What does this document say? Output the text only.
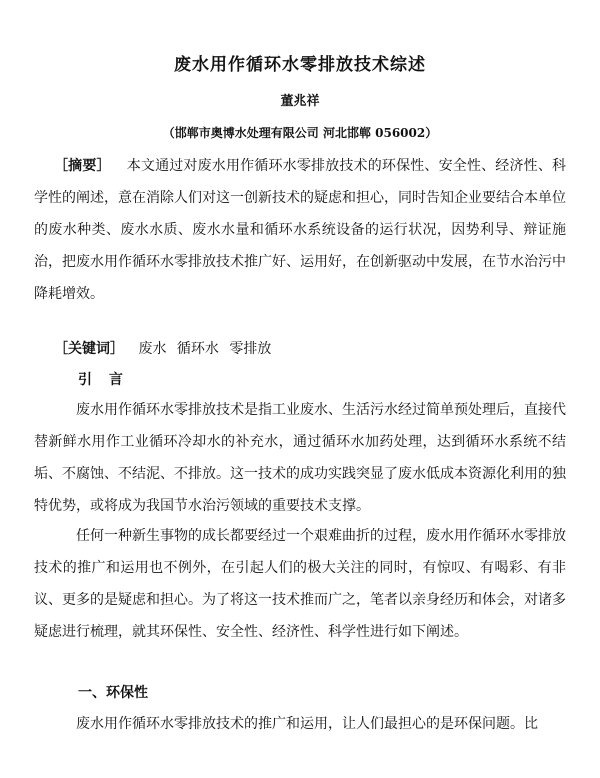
废水用作循环水零排放技术综述
董兆祥
（邯郸市奥博水处理有限公司 河北邯郸 056002）
［摘要］ 本文通过对废水用作循环水零排放技术的环保性、安全性、经济性、科学性的阐述，意在消除人们对这一创新技术的疑虑和担心，同时告知企业要结合本单位的废水种类、废水水质、废水水量和循环水系统设备的运行状况，因势利导、辩证施治，把废水用作循环水零排放技术推广好、运用好，在创新驱动中发展，在节水治污中降耗增效。
［关键词］ 废水 循环水 零排放
引 言
废水用作循环水零排放技术是指工业废水、生活污水经过简单预处理后，直接代替新鲜水用作工业循环冷却水的补充水，通过循环水加药处理，达到循环水系统不结垢、不腐蚀、不结泥、不排放。这一技术的成功实践突显了废水低成本资源化利用的独特优势，或将成为我国节水治污领域的重要技术支撑。
任何一种新生事物的成长都要经过一个艰难曲折的过程，废水用作循环水零排放技术的推广和运用也不例外，在引起人们的极大关注的同时，有惊叹、有喝彩、有非议、更多的是疑虑和担心。为了将这一技术推而广之，笔者以亲身经历和体会，对诸多疑虑进行梳理，就其环保性、安全性、经济性、科学性进行如下阐述。
一、环保性
废水用作循环水零排放技术的推广和运用，让人们最担心的是环保问题。比
